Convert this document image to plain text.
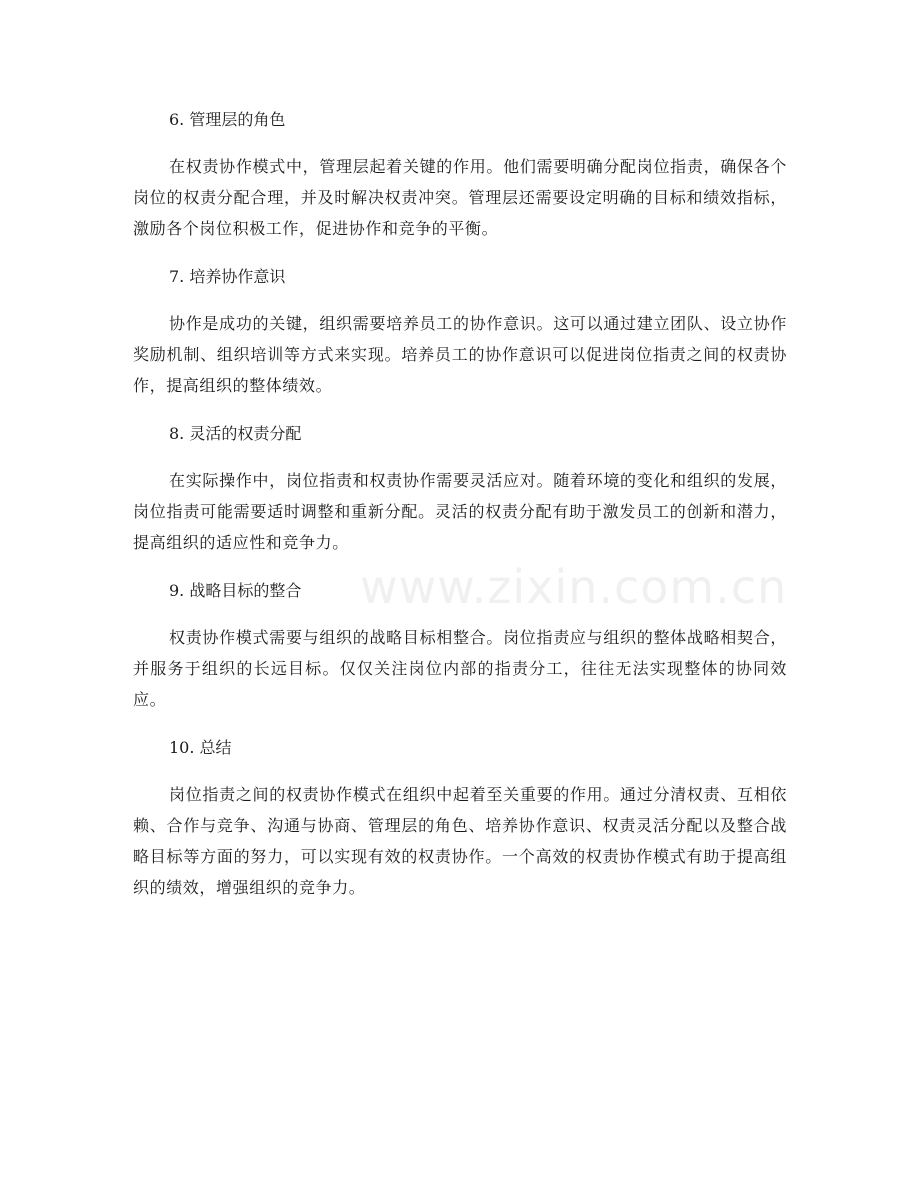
6. 管理层的角色

在权责协作模式中，管理层起着关键的作用。他们需要明确分配岗位指责，确保各个岗位的权责分配合理，并及时解决权责冲突。管理层还需要设定明确的目标和绩效指标，激励各个岗位积极工作，促进协作和竞争的平衡。

7. 培养协作意识

协作是成功的关键，组织需要培养员工的协作意识。这可以通过建立团队、设立协作奖励机制、组织培训等方式来实现。培养员工的协作意识可以促进岗位指责之间的权责协作，提高组织的整体绩效。

8. 灵活的权责分配

在实际操作中，岗位指责和权责协作需要灵活应对。随着环境的变化和组织的发展，岗位指责可能需要适时调整和重新分配。灵活的权责分配有助于激发员工的创新和潜力，提高组织的适应性和竞争力。

9. 战略目标的整合

权责协作模式需要与组织的战略目标相整合。岗位指责应与组织的整体战略相契合，并服务于组织的长远目标。仅仅关注岗位内部的指责分工，往往无法实现整体的协同效应。

10. 总结

岗位指责之间的权责协作模式在组织中起着至关重要的作用。通过分清权责、互相依赖、合作与竞争、沟通与协商、管理层的角色、培养协作意识、权责灵活分配以及整合战略目标等方面的努力，可以实现有效的权责协作。一个高效的权责协作模式有助于提高组织的绩效，增强组织的竞争力。

www.zixin.com.cn
